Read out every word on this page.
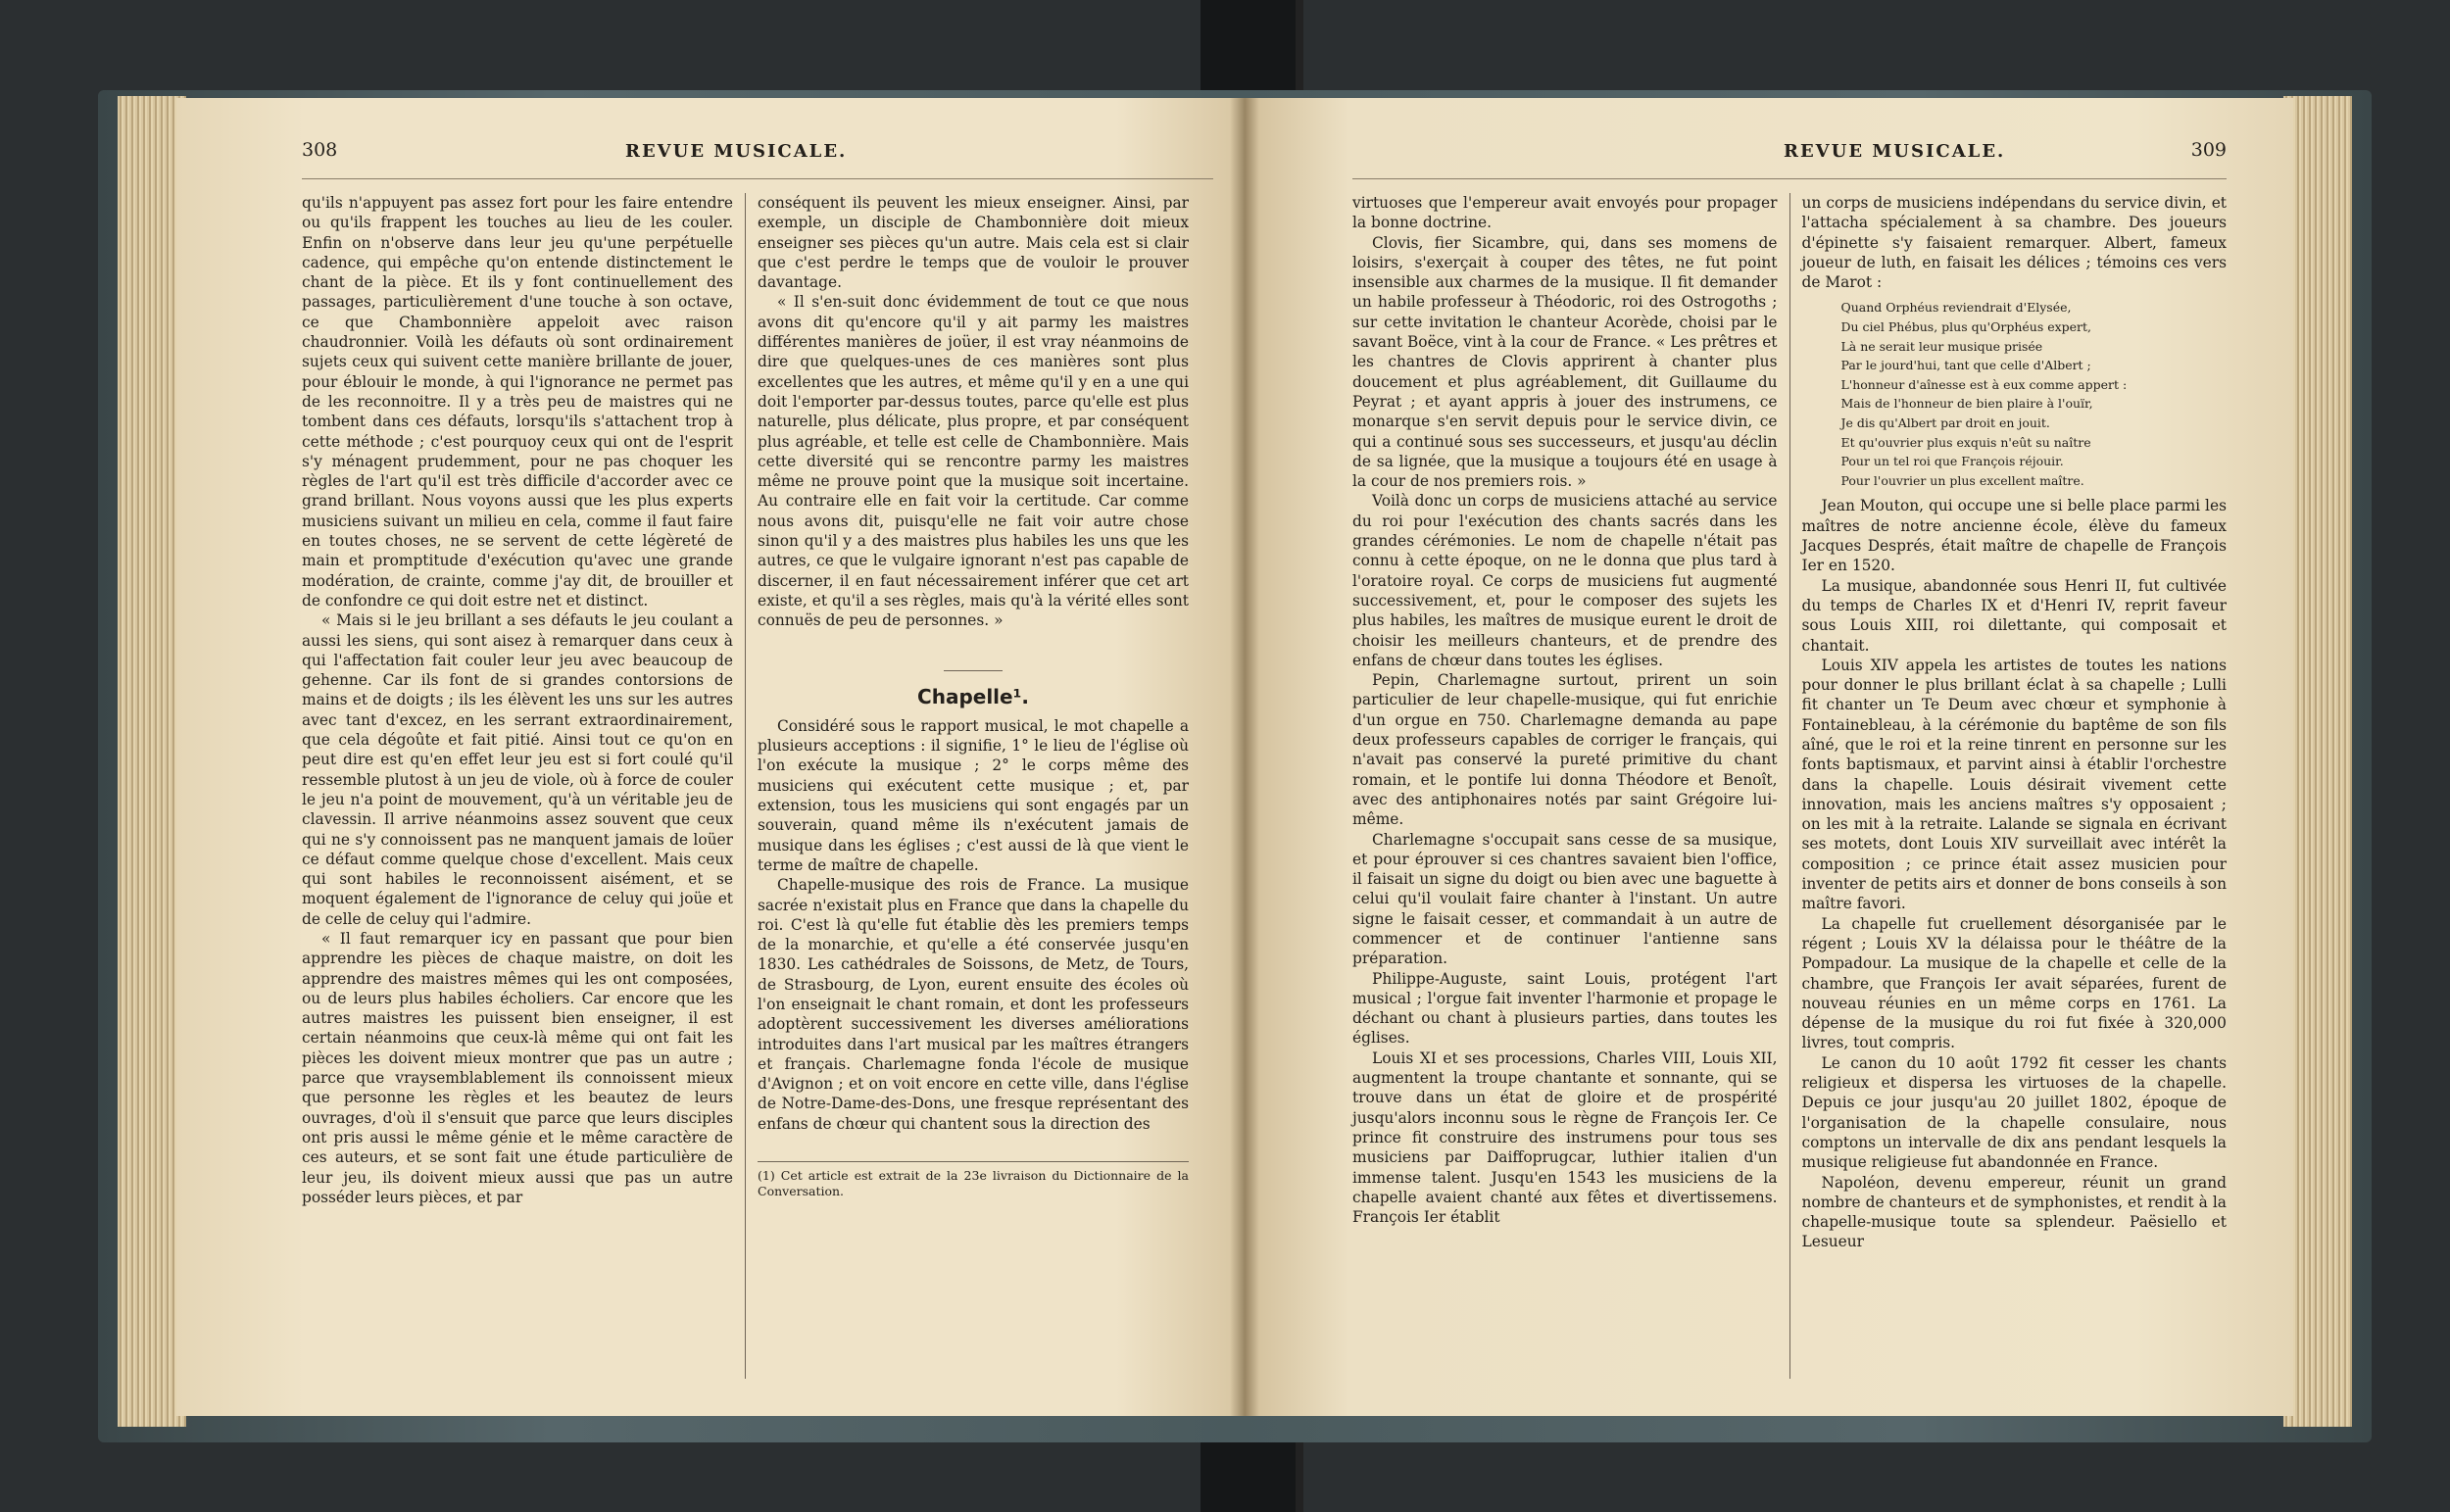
308	REVUE MUSICALE.

qu'ils n'appuyent pas assez fort pour les faire entendre ou qu'ils frappent les touches au lieu de les couler. Enfin on n'observe dans leur jeu qu'une perpétuelle cadence, qui empêche qu'on entende distinctement le chant de la pièce. Et ils y font continuellement des passages, particulièrement d'une touche à son octave, ce que Chambonnière appeloit avec raison chaudronnier. Voilà les défauts où sont ordinairement sujets ceux qui suivent cette manière brillante de jouer, pour éblouir le monde, à qui l'ignorance ne permet pas de les reconnoitre. Il y a très peu de maistres qui ne tombent dans ces défauts, lorsqu'ils s'attachent trop à cette méthode ; c'est pourquoy ceux qui ont de l'esprit s'y ménagent prudemment, pour ne pas choquer les règles de l'art qu'il est très difficile d'accorder avec ce grand brillant. Nous voyons aussi que les plus experts musiciens suivant un milieu en cela, comme il faut faire en toutes choses, ne se servent de cette légèreté de main et promptitude d'exécution qu'avec une grande modération, de crainte, comme j'ay dit, de brouiller et de confondre ce qui doit estre net et distinct.

« Mais si le jeu brillant a ses défauts le jeu coulant a aussi les siens, qui sont aisez à remarquer dans ceux à qui l'affectation fait couler leur jeu avec beaucoup de gehenne. Car ils font de si grandes contorsions de mains et de doigts ; ils les élèvent les uns sur les autres avec tant d'excez, en les serrant extraordinairement, que cela dégoûte et fait pitié. Ainsi tout ce qu'on en peut dire est qu'en effet leur jeu est si fort coulé qu'il ressemble plutost à un jeu de viole, où à force de couler le jeu n'a point de mouvement, qu'à un véritable jeu de clavessin. Il arrive néanmoins assez souvent que ceux qui ne s'y connoissent pas ne manquent jamais de loüer ce défaut comme quelque chose d'excellent. Mais ceux qui sont habiles le reconnoissent aisément, et se moquent également de l'ignorance de celuy qui joüe et de celle de celuy qui l'admire.

« Il faut remarquer icy en passant que pour bien apprendre les pièces de chaque maistre, on doit les apprendre des maistres mêmes qui les ont composées, ou de leurs plus habiles écholiers. Car encore que les autres maistres les puissent bien enseigner, il est certain néanmoins que ceux-là même qui ont fait les pièces les doivent mieux montrer que pas un autre ; parce que vraysemblablement ils connoissent mieux que personne les règles et les beautez de leurs ouvrages, d'où il s'ensuit que parce que leurs disciples ont pris aussi le même génie et le même caractère de ces auteurs, et se sont fait une étude particulière de leur jeu, ils doivent mieux aussi que pas un autre posséder leurs pièces, et par

conséquent ils peuvent les mieux enseigner. Ainsi, par exemple, un disciple de Chambonnière doit mieux enseigner ses pièces qu'un autre. Mais cela est si clair que c'est perdre le temps que de vouloir le prouver davantage.

« Il s'en-suit donc évidemment de tout ce que nous avons dit qu'encore qu'il y ait parmy les maistres différentes manières de joüer, il est vray néanmoins de dire que quelques-unes de ces manières sont plus excellentes que les autres, et même qu'il y en a une qui doit l'emporter par-dessus toutes, parce qu'elle est plus naturelle, plus délicate, plus propre, et par conséquent plus agréable, et telle est celle de Chambonnière. Mais cette diversité qui se rencontre parmy les maistres même ne prouve point que la musique soit incertaine. Au contraire elle en fait voir la certitude. Car comme nous avons dit, puisqu'elle ne fait voir autre chose sinon qu'il y a des maistres plus habiles les uns que les autres, ce que le vulgaire ignorant n'est pas capable de discerner, il en faut nécessairement inférer que cet art existe, et qu'il a ses règles, mais qu'à la vérité elles sont connuës de peu de personnes. »

Chapelle¹.

Considéré sous le rapport musical, le mot chapelle a plusieurs acceptions : il signifie, 1° le lieu de l'église où l'on exécute la musique ; 2° le corps même des musiciens qui exécutent cette musique ; et, par extension, tous les musiciens qui sont engagés par un souverain, quand même ils n'exécutent jamais de musique dans les églises ; c'est aussi de là que vient le terme de maître de chapelle.

Chapelle-musique des rois de France. La musique sacrée n'existait plus en France que dans la chapelle du roi. C'est là qu'elle fut établie dès les premiers temps de la monarchie, et qu'elle a été conservée jusqu'en 1830. Les cathédrales de Soissons, de Metz, de Tours, de Strasbourg, de Lyon, eurent ensuite des écoles où l'on enseignait le chant romain, et dont les professeurs adoptèrent successivement les diverses améliorations introduites dans l'art musical par les maîtres étrangers et français. Charlemagne fonda l'école de musique d'Avignon ; et on voit encore en cette ville, dans l'église de Notre-Dame-des-Dons, une fresque représentant des enfans de chœur qui chantent sous la direction des

(1) Cet article est extrait de la 23e livraison du Dictionnaire de la Conversation.
REVUE MUSICALE.	309

virtuoses que l'empereur avait envoyés pour propager la bonne doctrine.

Clovis, fier Sicambre, qui, dans ses momens de loisirs, s'exerçait à couper des têtes, ne fut point insensible aux charmes de la musique. Il fit demander un habile professeur à Théodoric, roi des Ostrogoths ; sur cette invitation le chanteur Acorède, choisi par le savant Boëce, vint à la cour de France. « Les prêtres et les chantres de Clovis apprirent à chanter plus doucement et plus agréablement, dit Guillaume du Peyrat ; et ayant appris à jouer des instrumens, ce monarque s'en servit depuis pour le service divin, ce qui a continué sous ses successeurs, et jusqu'au déclin de sa lignée, que la musique a toujours été en usage à la cour de nos premiers rois. »

Voilà donc un corps de musiciens attaché au service du roi pour l'exécution des chants sacrés dans les grandes cérémonies. Le nom de chapelle n'était pas connu à cette époque, on ne le donna que plus tard à l'oratoire royal. Ce corps de musiciens fut augmenté successivement, et, pour le composer des sujets les plus habiles, les maîtres de musique eurent le droit de choisir les meilleurs chanteurs, et de prendre des enfans de chœur dans toutes les églises.

Pepin, Charlemagne surtout, prirent un soin particulier de leur chapelle-musique, qui fut enrichie d'un orgue en 750. Charlemagne demanda au pape deux professeurs capables de corriger le français, qui n'avait pas conservé la pureté primitive du chant romain, et le pontife lui donna Théodore et Benoît, avec des antiphonaires notés par saint Grégoire lui-même.

Charlemagne s'occupait sans cesse de sa musique, et pour éprouver si ces chantres savaient bien l'office, il faisait un signe du doigt ou bien avec une baguette à celui qu'il voulait faire chanter à l'instant. Un autre signe le faisait cesser, et commandait à un autre de commencer et de continuer l'antienne sans préparation.

Philippe-Auguste, saint Louis, protégent l'art musical ; l'orgue fait inventer l'harmonie et propage le déchant ou chant à plusieurs parties, dans toutes les églises.

Louis XI et ses processions, Charles VIII, Louis XII, augmentent la troupe chantante et sonnante, qui se trouve dans un état de gloire et de prospérité jusqu'alors inconnu sous le règne de François Ier. Ce prince fit construire des instrumens pour tous ses musiciens par Daiffoprugcar, luthier italien d'un immense talent. Jusqu'en 1543 les musiciens de la chapelle avaient chanté aux fêtes et divertissemens. François Ier établit

un corps de musiciens indépendans du service divin, et l'attacha spécialement à sa chambre. Des joueurs d'épinette s'y faisaient remarquer. Albert, fameux joueur de luth, en faisait les délices ; témoins ces vers de Marot :

Quand Orphéus reviendrait d'Elysée,
Du ciel Phébus, plus qu'Orphéus expert,
Là ne serait leur musique prisée
Par le jourd'hui, tant que celle d'Albert ;
L'honneur d'aînesse est à eux comme appert :
Mais de l'honneur de bien plaire à l'ouïr,
Je dis qu'Albert par droit en jouit.
Et qu'ouvrier plus exquis n'eût su naître
Pour un tel roi que François réjouir.
Pour l'ouvrier un plus excellent maître.

Jean Mouton, qui occupe une si belle place parmi les maîtres de notre ancienne école, élève du fameux Jacques Després, était maître de chapelle de François Ier en 1520.

La musique, abandonnée sous Henri II, fut cultivée du temps de Charles IX et d'Henri IV, reprit faveur sous Louis XIII, roi dilettante, qui composait et chantait.

Louis XIV appela les artistes de toutes les nations pour donner le plus brillant éclat à sa chapelle ; Lulli fit chanter un Te Deum avec chœur et symphonie à Fontainebleau, à la cérémonie du baptême de son fils aîné, que le roi et la reine tinrent en personne sur les fonts baptismaux, et parvint ainsi à établir l'orchestre dans la chapelle. Louis désirait vivement cette innovation, mais les anciens maîtres s'y opposaient ; on les mit à la retraite. Lalande se signala en écrivant ses motets, dont Louis XIV surveillait avec intérêt la composition ; ce prince était assez musicien pour inventer de petits airs et donner de bons conseils à son maître favori.

La chapelle fut cruellement désorganisée par le régent ; Louis XV la délaissa pour le théâtre de la Pompadour. La musique de la chapelle et celle de la chambre, que François Ier avait séparées, furent de nouveau réunies en un même corps en 1761. La dépense de la musique du roi fut fixée à 320,000 livres, tout compris.

Le canon du 10 août 1792 fit cesser les chants religieux et dispersa les virtuoses de la chapelle. Depuis ce jour jusqu'au 20 juillet 1802, époque de l'organisation de la chapelle consulaire, nous comptons un intervalle de dix ans pendant lesquels la musique religieuse fut abandonnée en France.

Napoléon, devenu empereur, réunit un grand nombre de chanteurs et de symphonistes, et rendit à la chapelle-musique toute sa splendeur. Paësiello et Lesueur
